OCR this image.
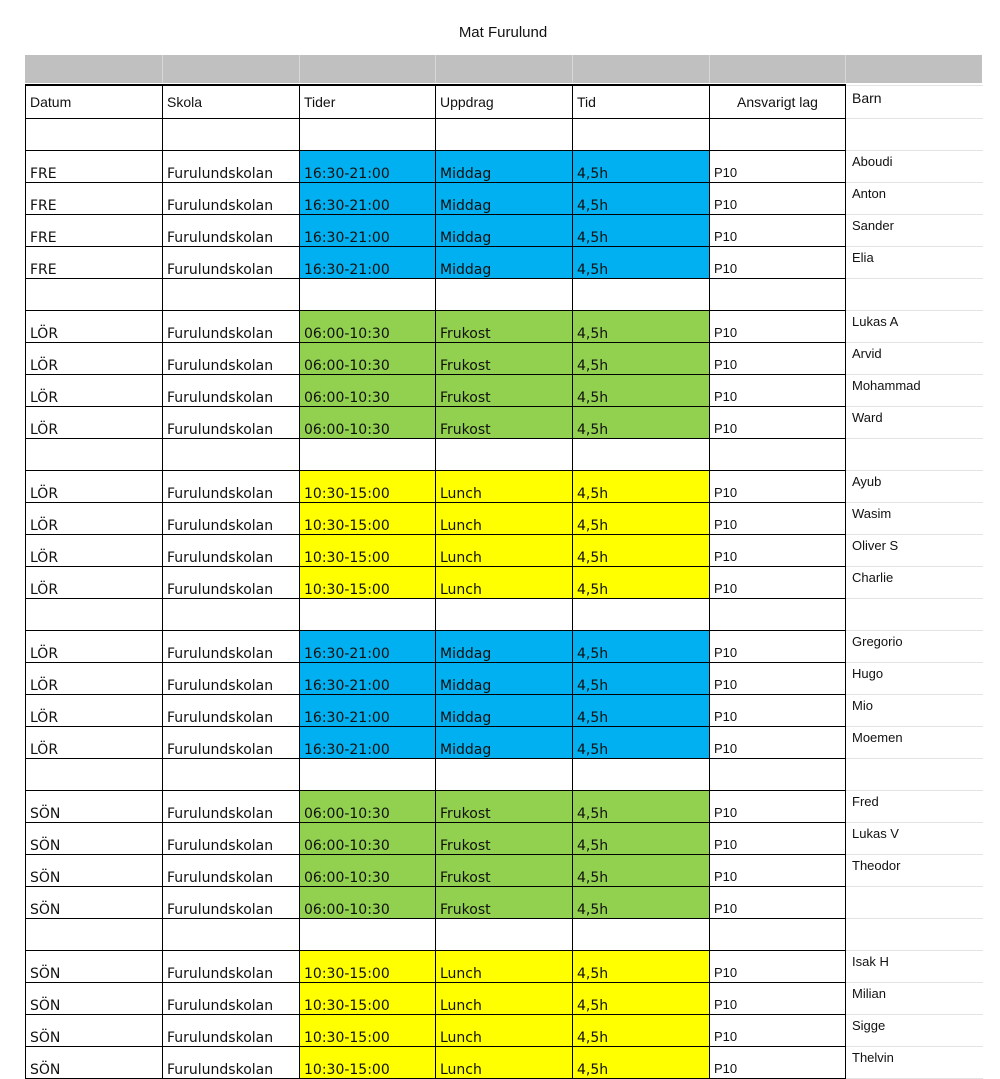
Mat Furulund
Datum	Skola	Tider	Uppdrag	Tid	Ansvarigt lag	Barn

FRE	Furulundskolan	16:30-21:00	Middag	4,5h	P10	Aboudi
FRE	Furulundskolan	16:30-21:00	Middag	4,5h	P10	Anton
FRE	Furulundskolan	16:30-21:00	Middag	4,5h	P10	Sander
FRE	Furulundskolan	16:30-21:00	Middag	4,5h	P10	Elia

LÖR	Furulundskolan	06:00-10:30	Frukost	4,5h	P10	Lukas A
LÖR	Furulundskolan	06:00-10:30	Frukost	4,5h	P10	Arvid
LÖR	Furulundskolan	06:00-10:30	Frukost	4,5h	P10	Mohammad
LÖR	Furulundskolan	06:00-10:30	Frukost	4,5h	P10	Ward

LÖR	Furulundskolan	10:30-15:00	Lunch	4,5h	P10	Ayub
LÖR	Furulundskolan	10:30-15:00	Lunch	4,5h	P10	Wasim
LÖR	Furulundskolan	10:30-15:00	Lunch	4,5h	P10	Oliver S
LÖR	Furulundskolan	10:30-15:00	Lunch	4,5h	P10	Charlie

LÖR	Furulundskolan	16:30-21:00	Middag	4,5h	P10	Gregorio
LÖR	Furulundskolan	16:30-21:00	Middag	4,5h	P10	Hugo
LÖR	Furulundskolan	16:30-21:00	Middag	4,5h	P10	Mio
LÖR	Furulundskolan	16:30-21:00	Middag	4,5h	P10	Moemen

SÖN	Furulundskolan	06:00-10:30	Frukost	4,5h	P10	Fred
SÖN	Furulundskolan	06:00-10:30	Frukost	4,5h	P10	Lukas V
SÖN	Furulundskolan	06:00-10:30	Frukost	4,5h	P10	Theodor
SÖN	Furulundskolan	06:00-10:30	Frukost	4,5h	P10	

SÖN	Furulundskolan	10:30-15:00	Lunch	4,5h	P10	Isak H
SÖN	Furulundskolan	10:30-15:00	Lunch	4,5h	P10	Milian
SÖN	Furulundskolan	10:30-15:00	Lunch	4,5h	P10	Sigge
SÖN	Furulundskolan	10:30-15:00	Lunch	4,5h	P10	Thelvin
